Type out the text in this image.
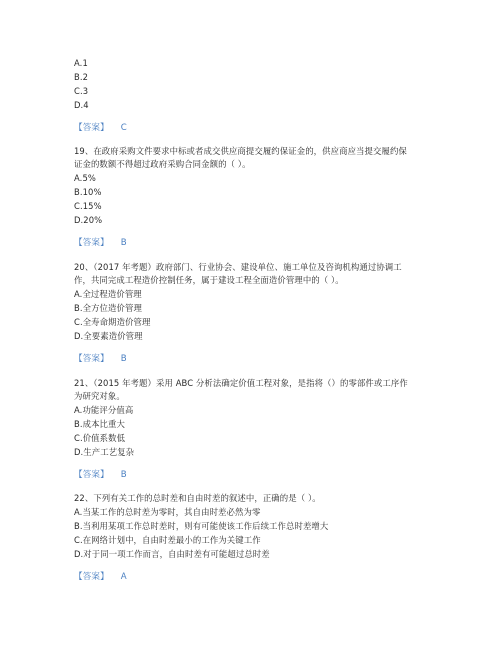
A.1
B.2
C.3
D.4
【答案】 C
19、在政府采购文件要求中标或者成交供应商提交履约保证金的，供应商应当提交履约保
证金的数额不得超过政府采购合同金额的（ ）。
A.5%
B.10%
C.15%
D.20%
【答案】 B
20、（2017 年考题）政府部门、行业协会、建设单位、施工单位及咨询机构通过协调工
作，共同完成工程造价控制任务，属于建设工程全面造价管理中的（ ）。
A.全过程造价管理
B.全方位造价管理
C.全寿命期造价管理
D.全要素造价管理
【答案】 B
21、（2015 年考题）采用 ABC 分析法确定价值工程对象，是指将（）的零部件或工序作
为研究对象。
A.功能评分值高
B.成本比重大
C.价值系数低
D.生产工艺复杂
【答案】 B
22、下列有关工作的总时差和自由时差的叙述中，正确的是（ ）。
A.当某工作的总时差为零时，其自由时差必然为零
B.当利用某项工作总时差时，则有可能使该工作后续工作总时差增大
C.在网络计划中，自由时差最小的工作为关键工作
D.对于同一项工作而言，自由时差有可能超过总时差
【答案】 A
